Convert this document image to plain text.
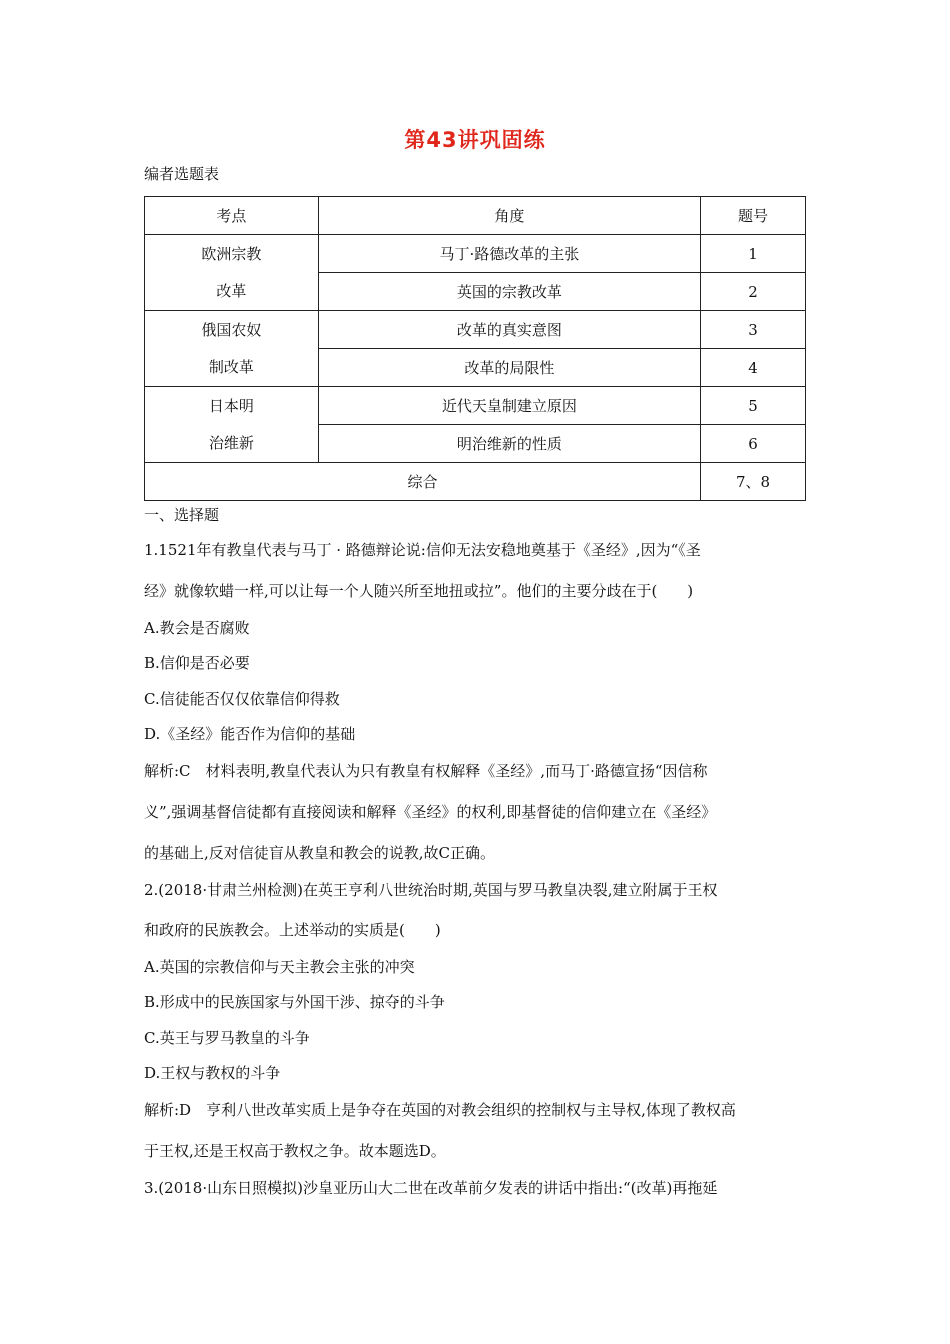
第43讲巩固练
编者选题表
考点	角度	题号

欧洲宗教
改革	马丁·路德改革的主张	1
	英国的宗教改革	2

俄国农奴
制改革	改革的真实意图	3
	改革的局限性	4

日本明
治维新	近代天皇制建立原因	5
	明治维新的性质	6
综合		7、8
一、选择题
1.1521年有教皇代表与马丁 · 路德辩论说:信仰无法安稳地奠基于《圣经》,因为“《圣
经》就像软蜡一样,可以让每一个人随兴所至地扭或拉”。他们的主要分歧在于(　　)
A.教会是否腐败
B.信仰是否必要
C.信徒能否仅仅依靠信仰得救
D.《圣经》能否作为信仰的基础
解析:C　材料表明,教皇代表认为只有教皇有权解释《圣经》,而马丁·路德宣扬“因信称
义”,强调基督信徒都有直接阅读和解释《圣经》的权利,即基督徒的信仰建立在《圣经》
的基础上,反对信徒盲从教皇和教会的说教,故C正确。
2.(2018·甘肃兰州检测)在英王亨利八世统治时期,英国与罗马教皇决裂,建立附属于王权
和政府的民族教会。上述举动的实质是(　　)
A.英国的宗教信仰与天主教会主张的冲突
B.形成中的民族国家与外国干涉、掠夺的斗争
C.英王与罗马教皇的斗争
D.王权与教权的斗争
解析:D　亨利八世改革实质上是争夺在英国的对教会组织的控制权与主导权,体现了教权高
于王权,还是王权高于教权之争。故本题选D。
3.(2018·山东日照模拟)沙皇亚历山大二世在改革前夕发表的讲话中指出:“(改革)再拖延
